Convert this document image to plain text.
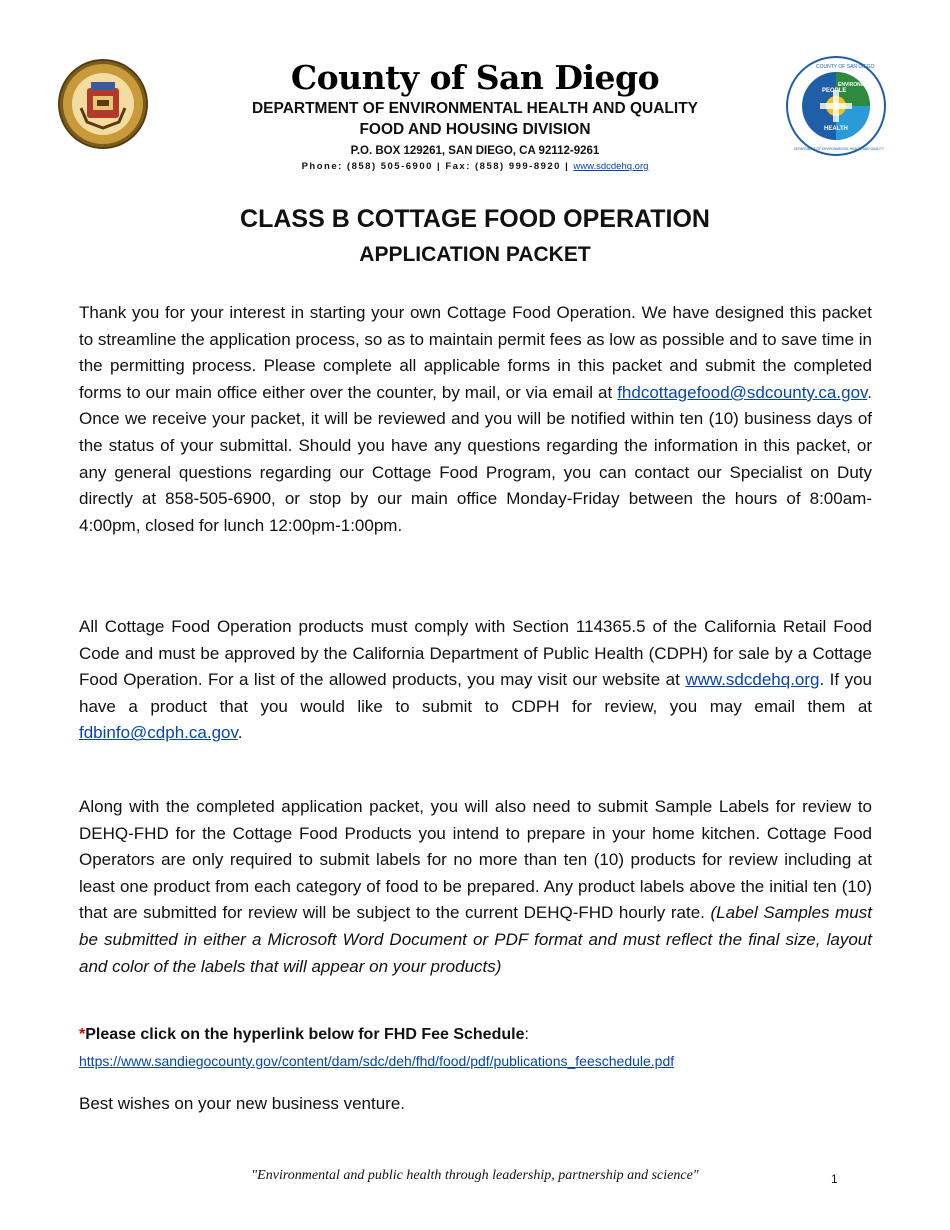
PEOPLE
ENVIRONMENT
HEALTH
COUNTY OF SAN DIEGO
DEPARTMENT OF ENVIRONMENTAL HEALTH AND QUALITY
County of San Diego
DEPARTMENT OF ENVIRONMENTAL HEALTH AND QUALITY
FOOD AND HOUSING DIVISION
P.O. BOX 129261, SAN DIEGO, CA 92112-9261
Phone: (858) 505-6900 | Fax: (858) 999-8920 | www.sdcdehq.org
CLASS B COTTAGE FOOD OPERATION
APPLICATION PACKET
Thank you for your interest in starting your own Cottage Food Operation. We have designed this packet to streamline the application process, so as to maintain permit fees as low as possible and to save time in the permitting process. Please complete all applicable forms in this packet and submit the completed forms to our main office either over the counter, by mail, or via email at fhdcottagefood@sdcounty.ca.gov. Once we receive your packet, it will be reviewed and you will be notified within ten (10) business days of the status of your submittal. Should you have any questions regarding the information in this packet, or any general questions regarding our Cottage Food Program, you can contact our Specialist on Duty directly at 858-505-6900, or stop by our main office Monday-Friday between the hours of 8:00am-4:00pm, closed for lunch 12:00pm-1:00pm.
All Cottage Food Operation products must comply with Section 114365.5 of the California Retail Food Code and must be approved by the California Department of Public Health (CDPH) for sale by a Cottage Food Operation. For a list of the allowed products, you may visit our website at www.sdcdehq.org. If you have a product that you would like to submit to CDPH for review, you may email them at fdbinfo@cdph.ca.gov.
Along with the completed application packet, you will also need to submit Sample Labels for review to DEHQ-FHD for the Cottage Food Products you intend to prepare in your home kitchen. Cottage Food Operators are only required to submit labels for no more than ten (10) products for review including at least one product from each category of food to be prepared. Any product labels above the initial ten (10) that are submitted for review will be subject to the current DEHQ-FHD hourly rate. (Label Samples must be submitted in either a Microsoft Word Document or PDF format and must reflect the final size, layout and color of the labels that will appear on your products)
*Please click on the hyperlink below for FHD Fee Schedule:
https://www.sandiegocounty.gov/content/dam/sdc/deh/fhd/food/pdf/publications_feeschedule.pdf
Best wishes on your new business venture.
"Environmental and public health through leadership, partnership and science"	1
